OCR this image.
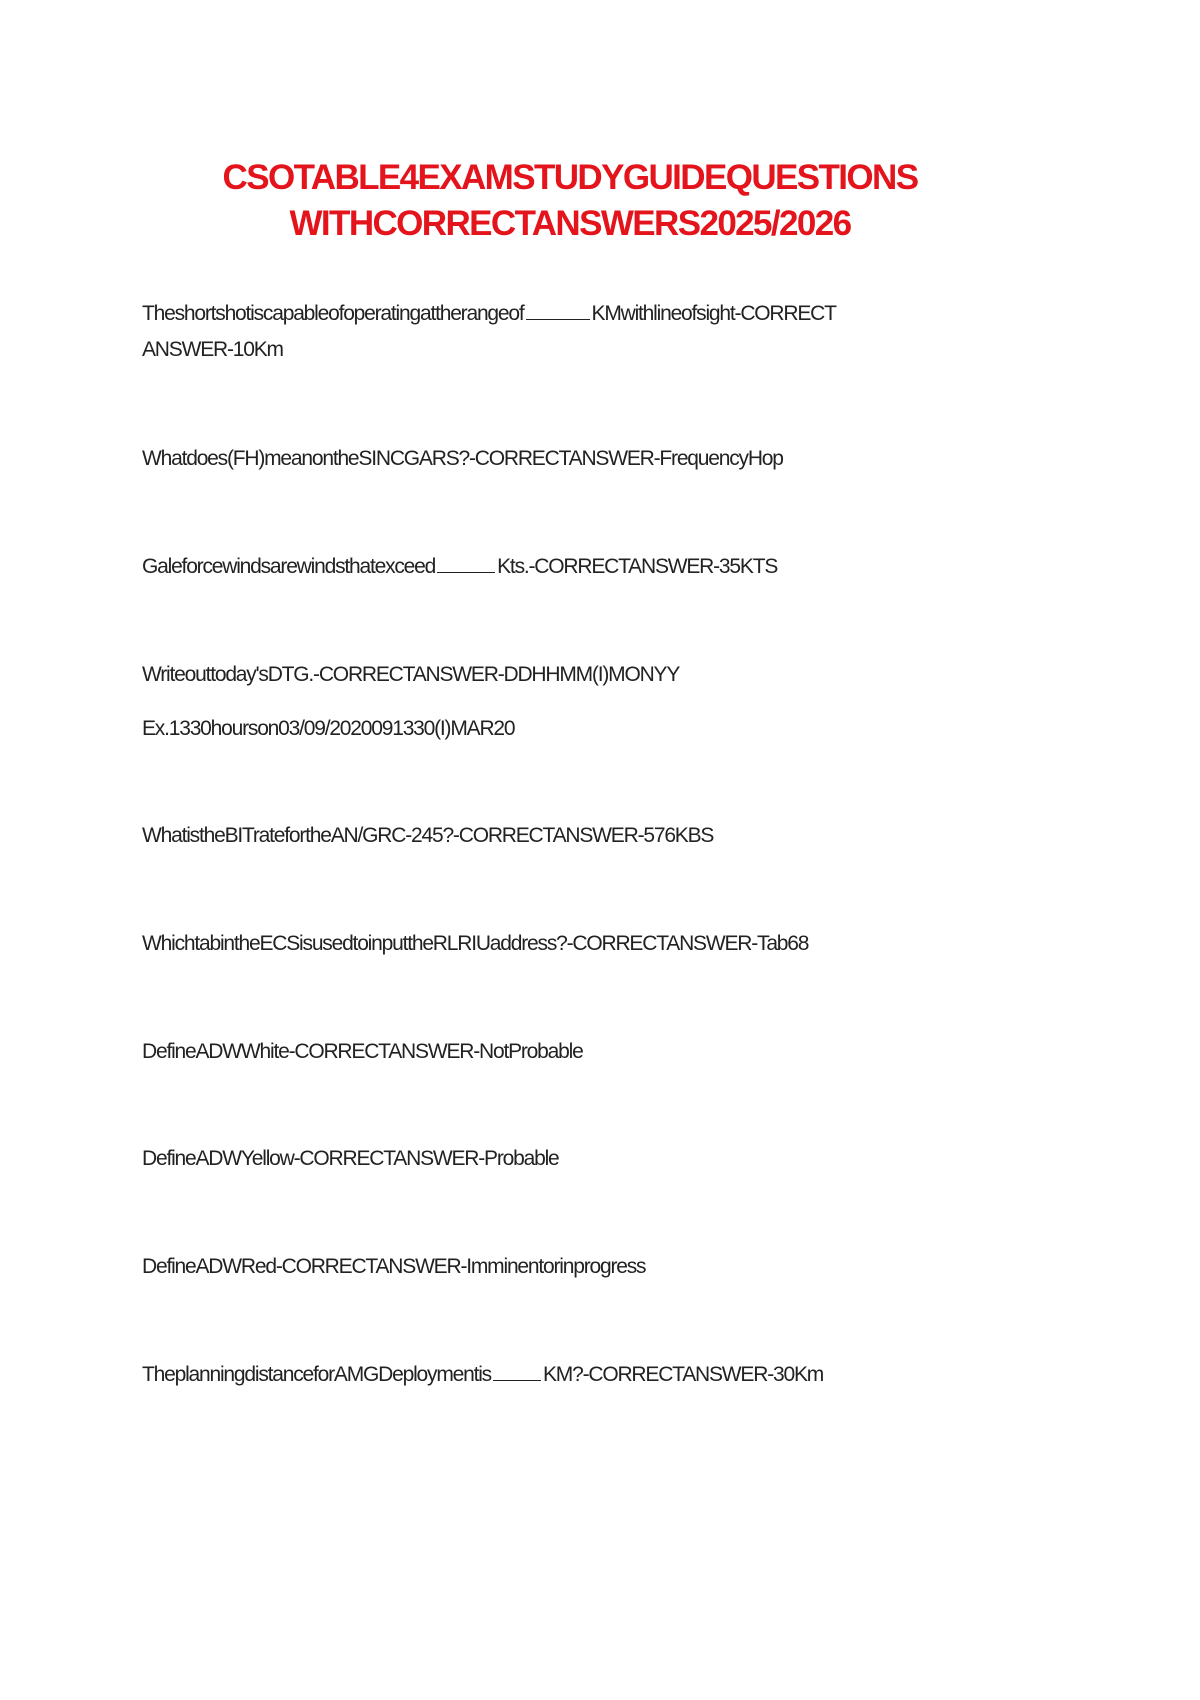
CSOTABLE4EXAMSTUDYGUIDEQUESTIONS
WITHCORRECTANSWERS2025/2026
Theshortshotiscapableofoperatingattherangeof	KMwithlineofsight-CORRECT
ANSWER-10Km
Whatdoes(FH)meanontheSINCGARS?-CORRECTANSWER-FrequencyHop
Galeforcewindsarewindsthatexceed	Kts.-CORRECTANSWER-35KTS
Writeouttoday'sDTG.-CORRECTANSWER-DDHHMM(I)MONYY
Ex.1330hourson03/09/2020091330(I)MAR20
WhatistheBITratefortheAN/GRC-245?-CORRECTANSWER-576KBS
WhichtabintheECSisusedtoinputtheRLRIUaddress?-CORRECTANSWER-Tab68
DefineADWWhite-CORRECTANSWER-NotProbable
DefineADWYellow-CORRECTANSWER-Probable
DefineADWRed-CORRECTANSWER-Imminentorinprogress
TheplanningdistanceforAMGDeploymentis KM?-CORRECTANSWER-30Km
